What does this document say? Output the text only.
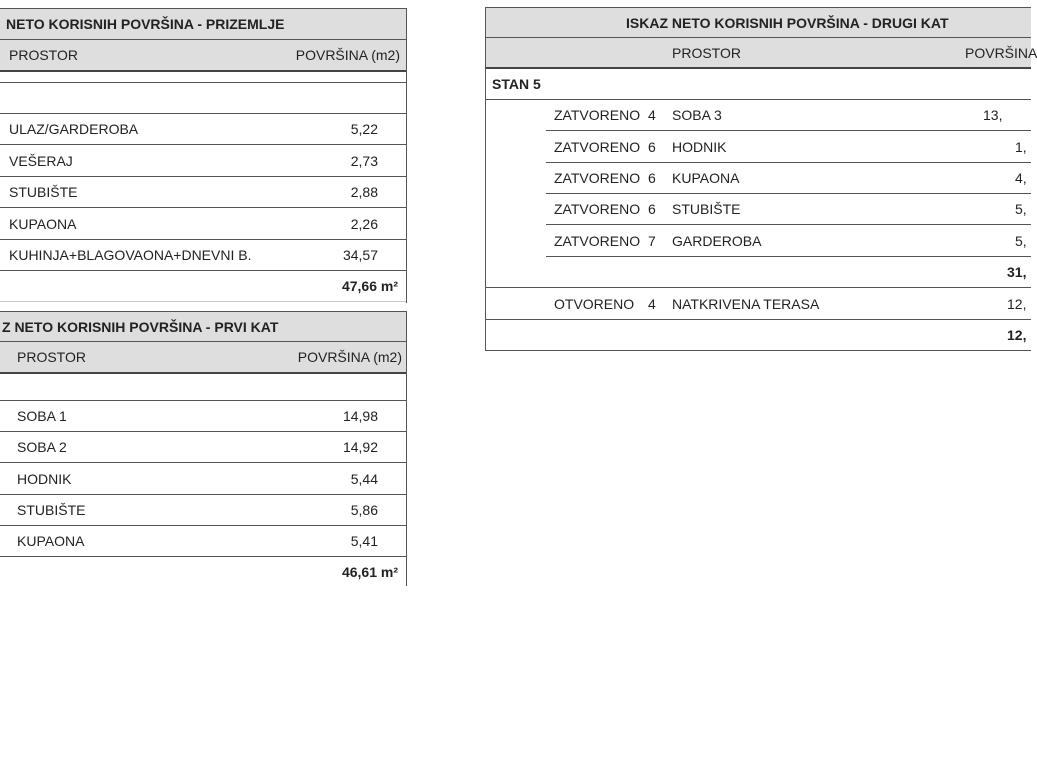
NETO KORISNIH POVRŠINA - PRIZEMLJE
PROSTOR	POVRŠINA (m2)
ULAZ/GARDEROBA	5,22
VEŠERAJ	2,73
STUBIŠTE	2,88
KUPAONA	2,26
KUHINJA+BLAGOVAONA+DNEVNI B.	34,57
47,66 m²
Z NETO KORISNIH POVRŠINA - PRVI KAT
PROSTOR	POVRŠINA (m2)
SOBA 1	14,98
SOBA 2	14,92
HODNIK	5,44
STUBIŠTE	5,86
KUPAONA	5,41
46,61 m²
ISKAZ NETO KORISNIH POVRŠINA - DRUGI KAT
PROSTOR	POVRŠINA
STAN 5
ZATVORENO 4 SOBA 3	13,
ZATVORENO 6 HODNIK	1,
ZATVORENO 6 KUPAONA	4,
ZATVORENO 6 STUBIŠTE	5,
ZATVORENO 7 GARDEROBA	5,
31,
OTVORENO 4 NATKRIVENA TERASA	12,
12,
